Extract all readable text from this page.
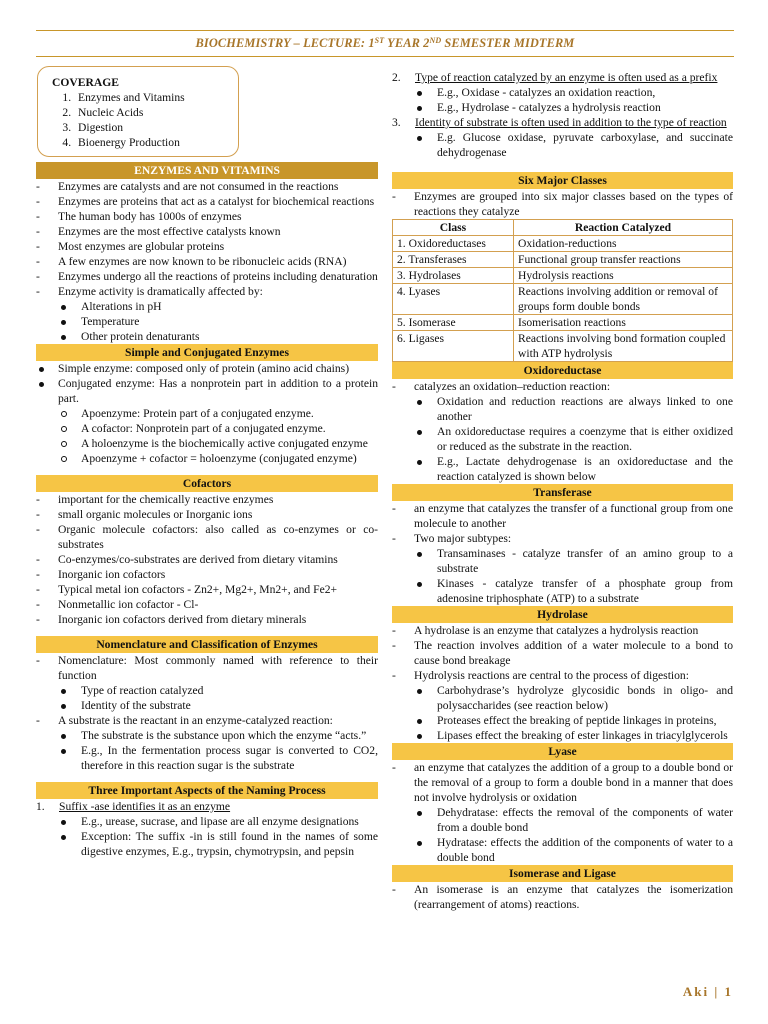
BIOCHEMISTRY – LECTURE: 1ST YEAR 2ND SEMESTER MIDTERM
COVERAGE
1. Enzymes and Vitamins
2. Nucleic Acids
3. Digestion
4. Bioenergy Production
ENZYMES AND VITAMINS

- Enzymes are catalysts and are not consumed in the reactions

- Enzymes are proteins that act as a catalyst for biochemical reactions

- The human body has 1000s of enzymes

- Enzymes are the most effective catalysts known

- Most enzymes are globular proteins

- A few enzymes are now known to be ribonucleic acids (RNA)

- Enzymes undergo all the reactions of proteins including denaturation

- Enzyme activity is dramatically affected by:

Alterations in pH
Temperature
Other protein denaturants
Simple and Conjugated Enzymes
Simple enzyme: composed only of protein (amino acid chains)
Conjugated enzyme: Has a nonprotein part in addition to a protein part.
Apoenzyme: Protein part of a conjugated enzyme.
A cofactor: Nonprotein part of a conjugated enzyme.
A holoenzyme is the biochemically active conjugated enzyme
Apoenzyme + cofactor = holoenzyme (conjugated enzyme)
Cofactors

- important for the chemically reactive enzymes

- small organic molecules or Inorganic ions

- Organic molecule cofactors: also called as co-enzymes or co-substrates

- Co-enzymes/co-substrates are derived from dietary vitamins

- Inorganic ion cofactors

- Typical metal ion cofactors - Zn2+, Mg2+, Mn2+, and Fe2+

- Nonmetallic ion cofactor - Cl-

- Inorganic ion cofactors derived from dietary minerals

Nomenclature and Classification of Enzymes

- Nomenclature: Most commonly named with reference to their function

Type of reaction catalyzed
Identity of the substrate

- A substrate is the reactant in an enzyme-catalyzed reaction:

The substrate is the substance upon which the enzyme “acts.”
E.g., In the fermentation process sugar is converted to CO2, therefore in this reaction sugar is the substrate
Three Important Aspects of the Naming Process
1. Suffix -ase identifies it as an enzyme
E.g., urease, sucrase, and lipase are all enzyme designations
Exception: The suffix -in is still found in the names of some digestive enzymes, E.g., trypsin, chymotrypsin, and pepsin
2. Type of reaction catalyzed by an enzyme is often used as a prefix
E.g., Oxidase - catalyzes an oxidation reaction,
E.g., Hydrolase - catalyzes a hydrolysis reaction
3. Identity of substrate is often used in addition to the type of reaction
E.g. Glucose oxidase, pyruvate carboxylase, and succinate dehydrogenase
Six Major Classes

- Enzymes are grouped into six major classes based on the types of reactions they catalyze

Class	Reaction Catalyzed
1. Oxidoreductases	Oxidation-reductions
2. Transferases	Functional group transfer reactions
3. Hydrolases	Hydrolysis reactions
4. Lyases	Reactions involving addition or removal of groups form double bonds
5. Isomerase	Isomerisation reactions
6. Ligases	Reactions involving bond formation coupled with ATP hydrolysis
Oxidoreductase

- catalyzes an oxidation–reduction reaction:

Oxidation and reduction reactions are always linked to one another
An oxidoreductase requires a coenzyme that is either oxidized or reduced as the substrate in the reaction.
E.g., Lactate dehydrogenase is an oxidoreductase and the reaction catalyzed is shown below
Transferase

- an enzyme that catalyzes the transfer of a functional group from one molecule to another

- Two major subtypes:

Transaminases - catalyze transfer of an amino group to a substrate
Kinases - catalyze transfer of a phosphate group from adenosine triphosphate (ATP) to a substrate
Hydrolase

- A hydrolase is an enzyme that catalyzes a hydrolysis reaction

- The reaction involves addition of a water molecule to a bond to cause bond breakage

- Hydrolysis reactions are central to the process of digestion:

Carbohydrase’s hydrolyze glycosidic bonds in oligo- and polysaccharides (see reaction below)
Proteases effect the breaking of peptide linkages in proteins,
Lipases effect the breaking of ester linkages in triacylglycerols
Lyase

- an enzyme that catalyzes the addition of a group to a double bond or the removal of a group to form a double bond in a manner that does not involve hydrolysis or oxidation

Dehydratase: effects the removal of the components of water from a double bond
Hydratase: effects the addition of the components of water to a double bond
Isomerase and Ligase

- An isomerase is an enzyme that catalyzes the isomerization (rearrangement of atoms) reactions.

Aki | 1
